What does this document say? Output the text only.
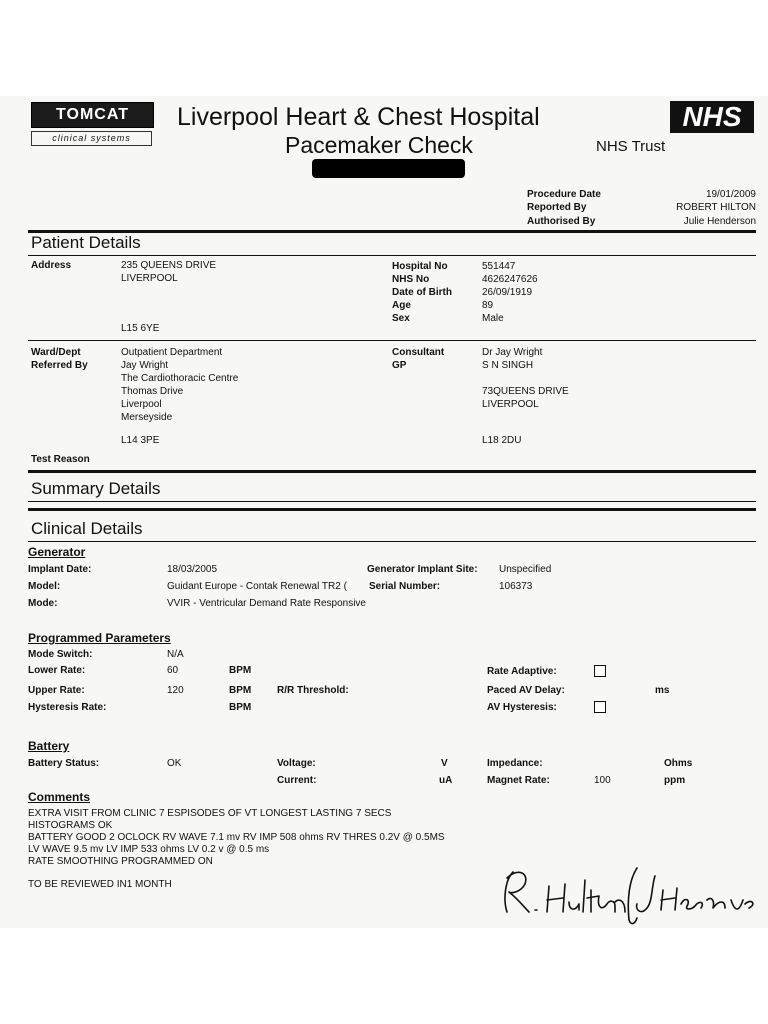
TOMCAT
clinical systems
Liverpool Heart & Chest Hospital
Pacemaker Check
NHS
NHS Trust
Procedure Date	19/01/2009
Reported By	ROBERT HILTON
Authorised By	Julie Henderson
Patient Details
Address	235 QUEENS DRIVE
LIVERPOOL
L15 6YE
Hospital No	551447
NHS No	4626247626
Date of Birth	26/09/1919
Age	89
Sex	Male
Ward/Dept	Outpatient Department
Referred By	Jay Wright
The Cardiothoracic Centre
Thomas Drive
Liverpool
Merseyside
L14 3PE
Consultant	Dr Jay Wright
GP	S N SINGH
73QUEENS DRIVE
LIVERPOOL
L18 2DU
Test Reason
Summary Details
Clinical Details
Generator
Implant Date:	18/03/2005	Generator Implant Site: Unspecified
Model:	Guidant Europe - Contak Renewal TR2 ( Serial Number:	106373
Mode:	VVIR - Ventricular Demand Rate Responsive
Programmed Parameters
Mode Switch:	N/A
Lower Rate:	60	BPM
Upper Rate:	120	BPM	R/R Threshold:
Hysteresis Rate:	BPM
Rate Adaptive:
Paced AV Delay:	ms
AV Hysteresis:
Battery
Battery Status:	OK	Voltage:	V
Current:	uA
Impedance:	Ohms
Magnet Rate:	100	ppm
Comments
EXTRA VISIT FROM CLINIC 7 ESPISODES OF VT LONGEST LASTING 7 SECS
HISTOGRAMS OK
BATTERY GOOD 2 OCLOCK RV WAVE 7.1 mv RV IMP 508 ohms RV THRES 0.2V @ 0.5MS
LV WAVE 9.5 mv LV IMP 533 ohms LV 0.2 v @ 0.5 ms
RATE SMOOTHING PROGRAMMED ON
TO BE REVIEWED IN1 MONTH
